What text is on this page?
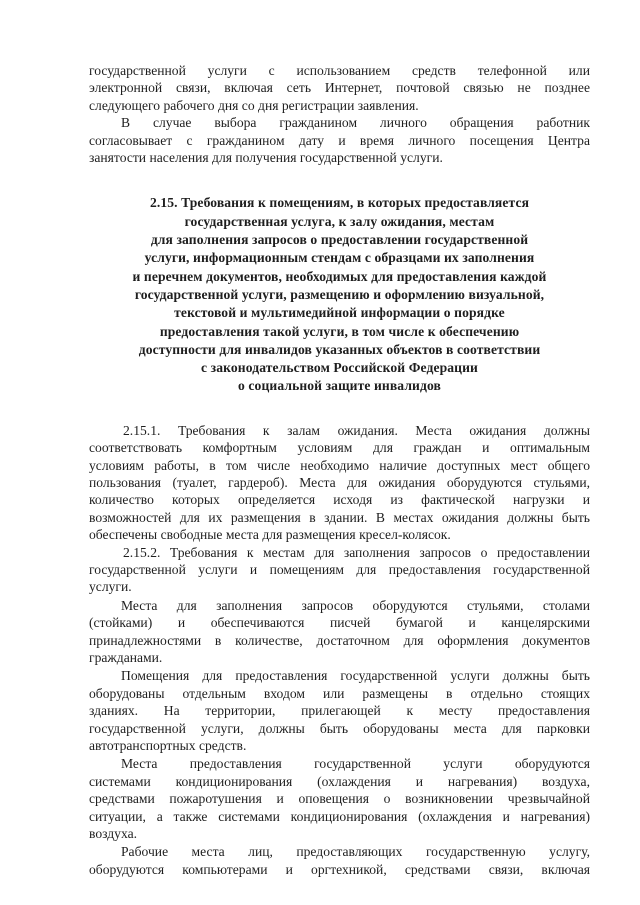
государственной услуги с использованием средств телефонной или
электронной связи, включая сеть Интернет, почтовой связью не позднее
следующего рабочего дня со дня регистрации заявления.
В случае выбора гражданином личного обращения работник
согласовывает с гражданином дату и время личного посещения Центра
занятости населения для получения государственной услуги.
2.15. Требования к помещениям, в которых предоставляется
государственная услуга, к залу ожидания, местам
для заполнения запросов о предоставлении государственной
услуги, информационным стендам с образцами их заполнения
и перечнем документов, необходимых для предоставления каждой
государственной услуги, размещению и оформлению визуальной,
текстовой и мультимедийной информации о порядке
предоставления такой услуги, в том числе к обеспечению
доступности для инвалидов указанных объектов в соответствии
с законодательством Российской Федерации
о социальной защите инвалидов
2.15.1. Требования к залам ожидания. Места ожидания должны
соответствовать комфортным условиям для граждан и оптимальным
условиям работы, в том числе необходимо наличие доступных мест общего
пользования (туалет, гардероб). Места для ожидания оборудуются стульями,
количество которых определяется исходя из фактической нагрузки и
возможностей для их размещения в здании. В местах ожидания должны быть
обеспечены свободные места для размещения кресел-колясок.
2.15.2. Требования к местам для заполнения запросов о предоставлении
государственной услуги и помещениям для предоставления государственной
услуги.
Места для заполнения запросов оборудуются стульями, столами
(стойками) и обеспечиваются писчей бумагой и канцелярскими
принадлежностями в количестве, достаточном для оформления документов
гражданами.
Помещения для предоставления государственной услуги должны быть
оборудованы отдельным входом или размещены в отдельно стоящих
зданиях. На территории, прилегающей к месту предоставления
государственной услуги, должны быть оборудованы места для парковки
автотранспортных средств.
Места предоставления государственной услуги оборудуются
системами кондиционирования (охлаждения и нагревания) воздуха,
средствами пожаротушения и оповещения о возникновении чрезвычайной
ситуации, а также системами кондиционирования (охлаждения и нагревания)
воздуха.
Рабочие места лиц, предоставляющих государственную услугу,
оборудуются компьютерами и оргтехникой, средствами связи, включая
